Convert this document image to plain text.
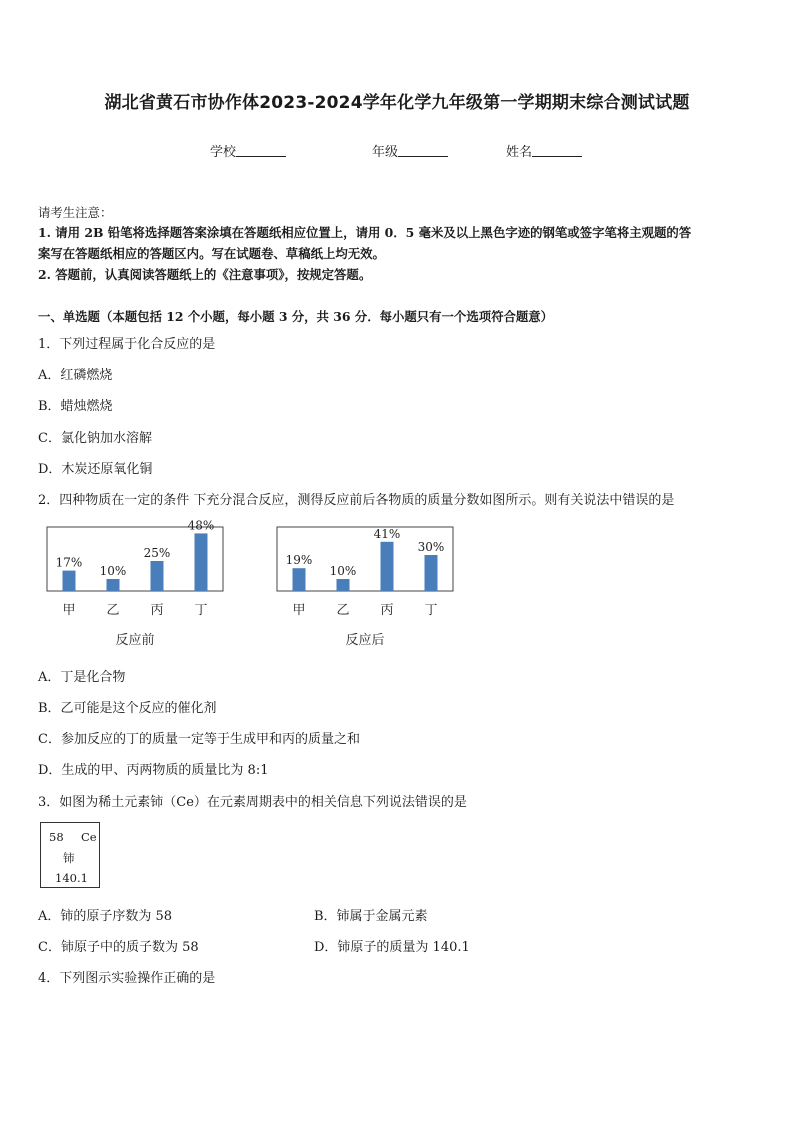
湖北省黄石市协作体2023-2024学年化学九年级第一学期期末综合测试试题
学校	年级	姓名
请考生注意：
1. 请用 2B 铅笔将选择题答案涂填在答题纸相应位置上，请用 0．5 毫米及以上黑色字迹的钢笔或签字笔将主观题的答
案写在答题纸相应的答题区内。写在试题卷、草稿纸上均无效。
2. 答题前，认真阅读答题纸上的《注意事项》，按规定答题。
一、单选题（本题包括 12 个小题，每小题 3 分，共 36 分．每小题只有一个选项符合题意）
1．下列过程属于化合反应的是
A．红磷燃烧
B．蜡烛燃烧
C．氯化钠加水溶解
D．木炭还原氧化铜
2．四种物质在一定的条件 下充分混合反应，测得反应前后各物质的质量分数如图所示。则有关说法中错误的是
17%
甲
10%
乙
25%
丙
48%
丁
反应前
19%
甲
10%
乙
41%
丙
30%
丁
反应后
A．丁是化合物
B．乙可能是这个反应的催化剂
C．参加反应的丁的质量一定等于生成甲和丙的质量之和
D．生成的甲、丙两物质的质量比为 8:1
3．如图为稀土元素铈（Ce）在元素周期表中的相关信息下列说法错误的是
58 Ce
铈
140.1
A．铈的原子序数为 58	B．铈属于金属元素
C．铈原子中的质子数为 58	D．铈原子的质量为 140.1
4．下列图示实验操作正确的是
